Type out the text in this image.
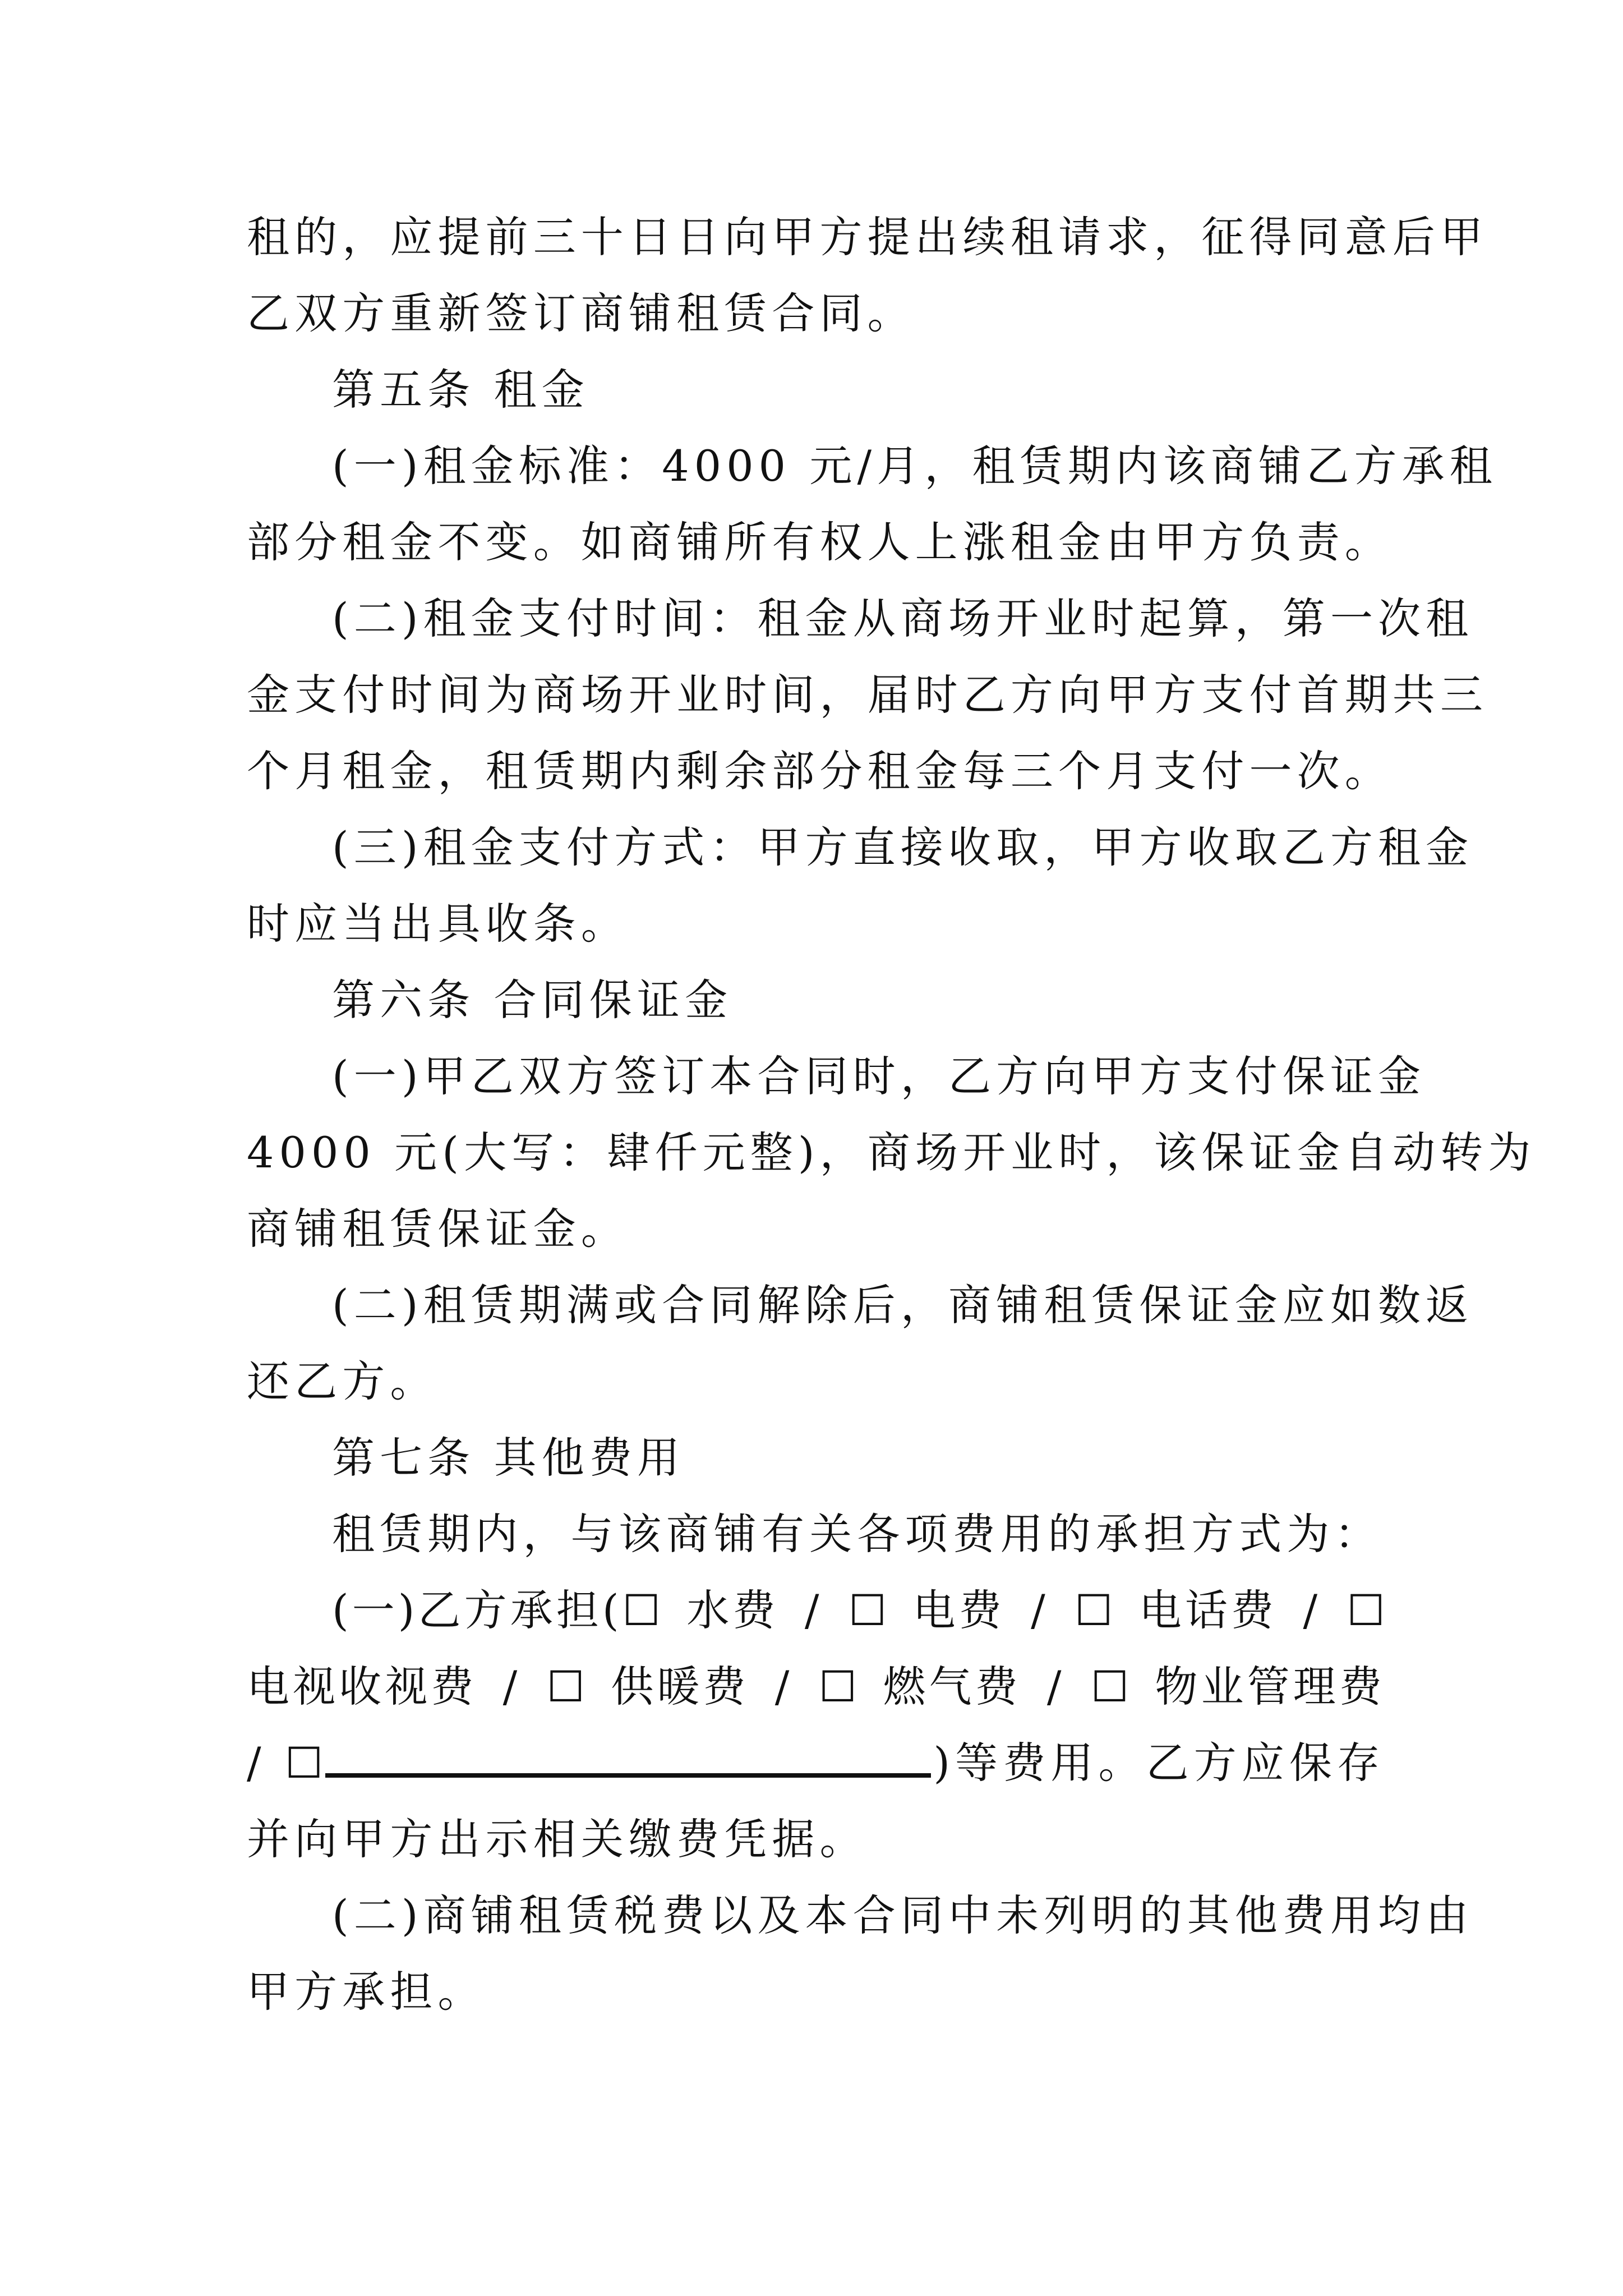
租的，应提前三十日日向甲方提出续租请求，征得同意后甲
乙双方重新签订商铺租赁合同。
第五条 租金
(一)租金标准：4000 元/月，租赁期内该商铺乙方承租
部分租金不变。如商铺所有权人上涨租金由甲方负责。
(二)租金支付时间：租金从商场开业时起算，第一次租
金支付时间为商场开业时间，届时乙方向甲方支付首期共三
个月租金，租赁期内剩余部分租金每三个月支付一次。
(三)租金支付方式：甲方直接收取，甲方收取乙方租金
时应当出具收条。
第六条 合同保证金
(一)甲乙双方签订本合同时，乙方向甲方支付保证金
4000 元(大写：肆仟元整)，商场开业时，该保证金自动转为
商铺租赁保证金。
(二)租赁期满或合同解除后，商铺租赁保证金应如数返
还乙方。
第七条 其他费用
租赁期内，与该商铺有关各项费用的承担方式为：
(一)乙方承担(☐ 水费 / ☐ 电费 / ☐ 电话费 / ☐
电视收视费 / ☐ 供暖费 / ☐ 燃气费 / ☐ 物业管理费
/ ☐	)等费用。乙方应保存
并向甲方出示相关缴费凭据。
(二)商铺租赁税费以及本合同中未列明的其他费用均由
甲方承担。
